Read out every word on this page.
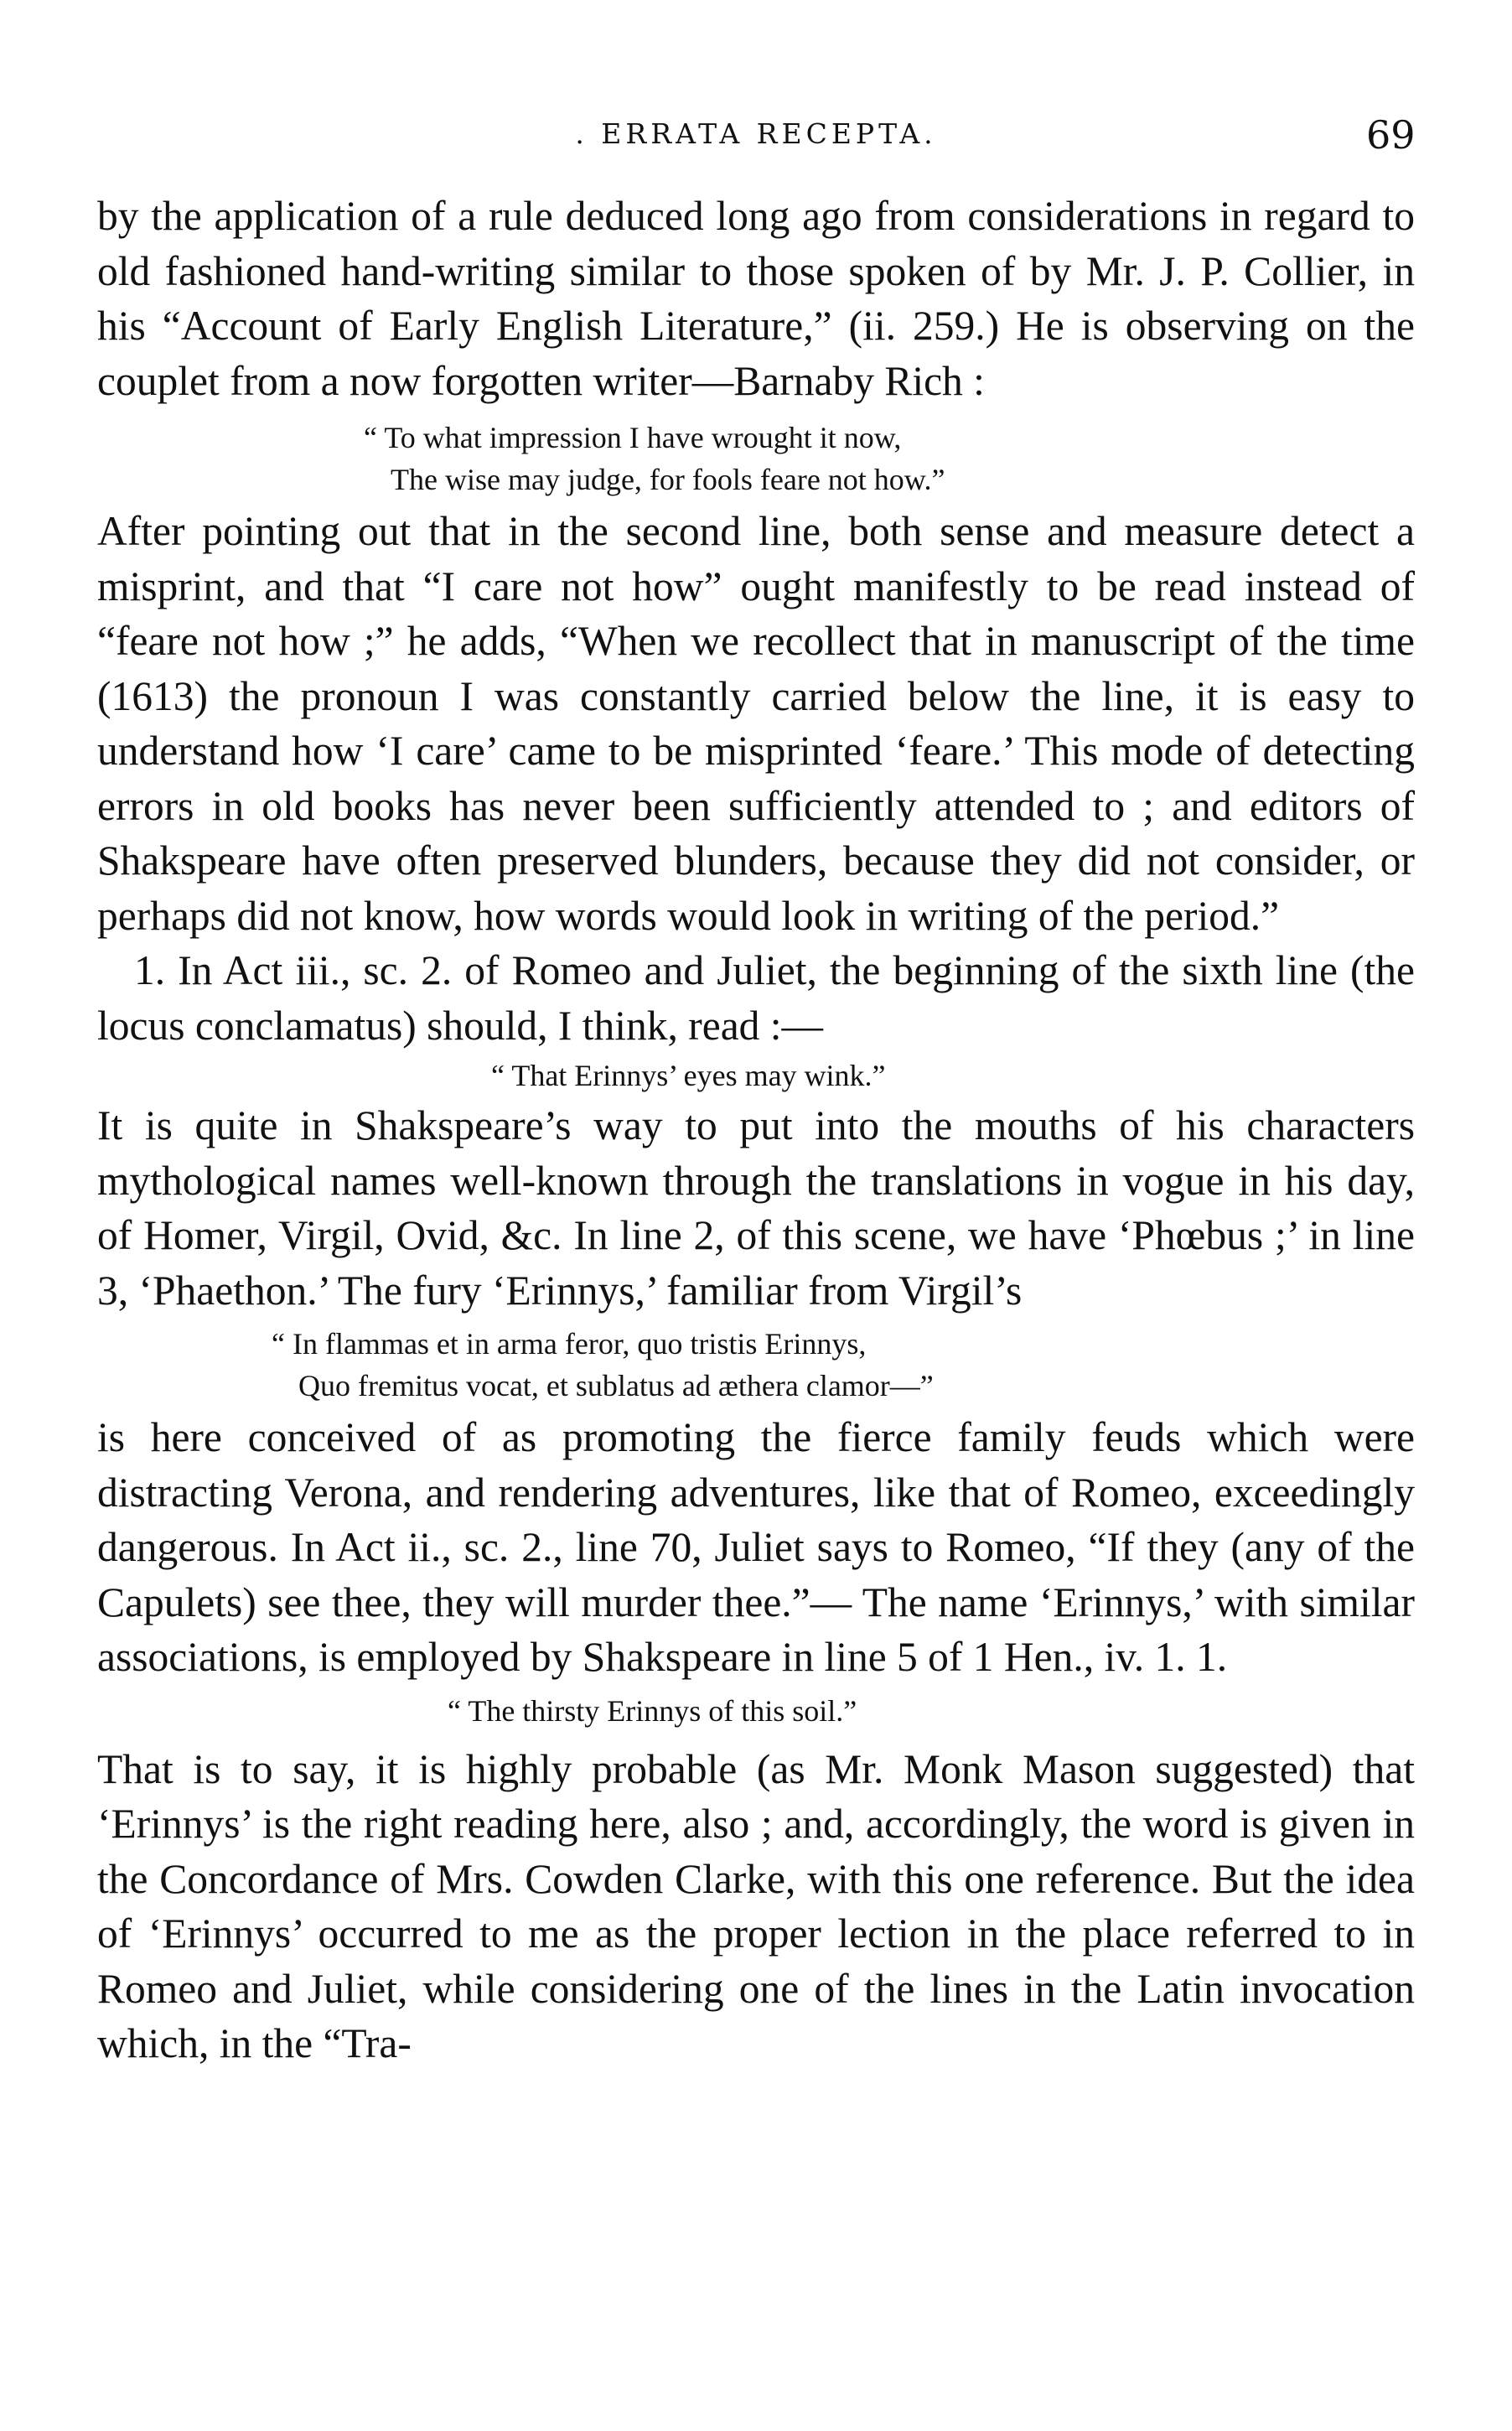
. ERRATA RECEPTA.	69

by the application of a rule deduced long ago from considerations in regard to old fashioned hand-writing similar to those spoken of by Mr. J. P. Collier, in his “Account of Early English Literature,” (ii. 259.) He is observing on the couplet from a now forgotten writer—Barnaby Rich :

“ To what impression I have wrought it now,
The wise may judge, for fools feare not how.”

After pointing out that in the second line, both sense and measure detect a misprint, and that “I care not how” ought manifestly to be read instead of “feare not how ;” he adds, “When we recollect that in manuscript of the time (1613) the pronoun I was constantly carried below the line, it is easy to understand how ‘I care’ came to be misprinted ‘feare.’ This mode of detecting errors in old books has never been sufficiently attended to ; and editors of Shakspeare have often preserved blunders, because they did not consider, or perhaps did not know, how words would look in writing of the period.”

1. In Act iii., sc. 2. of Romeo and Juliet, the beginning of the sixth line (the locus conclamatus) should, I think, read :—

“ That Erinnys’ eyes may wink.”

It is quite in Shakspeare’s way to put into the mouths of his characters mythological names well-known through the translations in vogue in his day, of Homer, Virgil, Ovid, &c. In line 2, of this scene, we have ‘Phœbus ;’ in line 3, ‘Phaethon.’ The fury ‘Erinnys,’ familiar from Virgil’s

“ In flammas et in arma feror, quo tristis Erinnys,
Quo fremitus vocat, et sublatus ad æthera clamor—”

is here conceived of as promoting the fierce family feuds which were distracting Verona, and rendering adventures, like that of Romeo, exceedingly dangerous. In Act ii., sc. 2., line 70, Juliet says to Romeo, “If they (any of the Capulets) see thee, they will murder thee.”— The name ‘Erinnys,’ with similar associations, is employed by Shakspeare in line 5 of 1 Hen., iv. 1. 1.

“ The thirsty Erinnys of this soil.”

That is to say, it is highly probable (as Mr. Monk Mason suggested) that ‘Erinnys’ is the right reading here, also ; and, accordingly, the word is given in the Concordance of Mrs. Cowden Clarke, with this one reference. But the idea of ‘Erinnys’ occurred to me as the proper lection in the place referred to in Romeo and Juliet, while considering one of the lines in the Latin invocation which, in the “Tra-
